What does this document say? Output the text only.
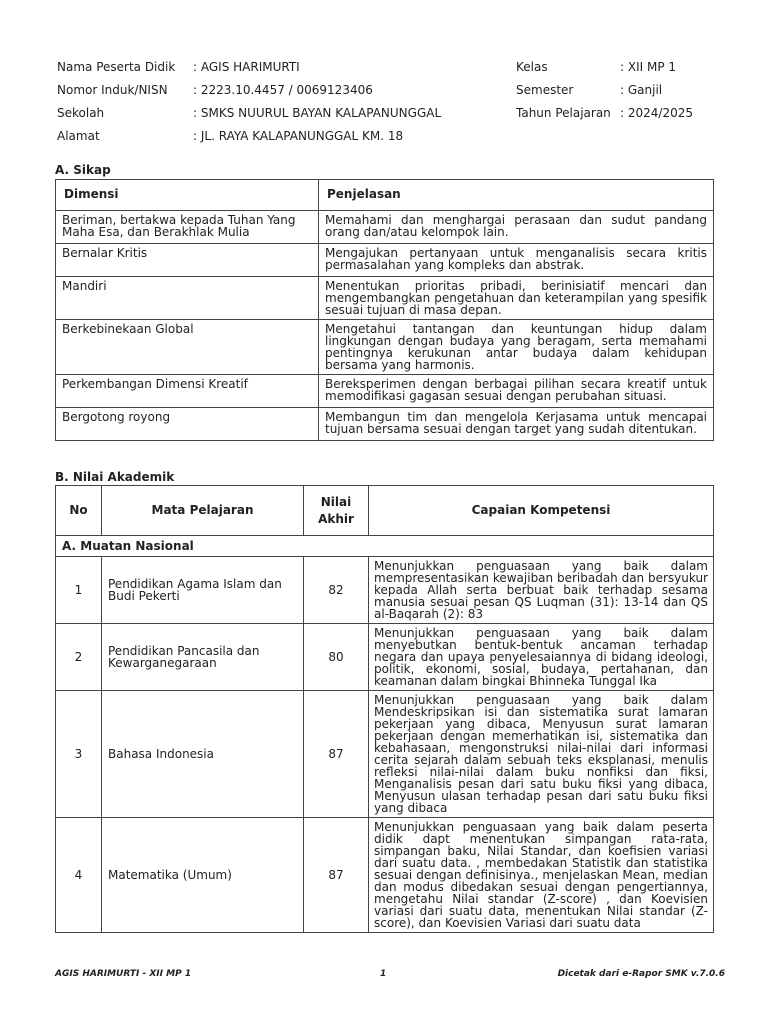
Nama Peserta Didik	: AGIS HARIMURTI
Nomor Induk/NISN	: 2223.10.4457 / 0069123406
Sekolah	: SMKS NUURUL BAYAN KALAPANUNGGAL
Alamat	: JL. RAYA KALAPANUNGGAL KM. 18
Kelas	: XII MP 1
Semester	: Ganjil
Tahun Pelajaran : 2024/2025
A. Sikap
Dimensi	Penjelasan
Beriman, bertakwa kepada Tuhan Yang Maha Esa, dan Berakhlak Mulia	Memahami dan menghargai perasaan dan sudut pandang orang dan/atau kelompok lain.
Bernalar Kritis	Mengajukan pertanyaan untuk menganalisis secara kritis permasalahan yang kompleks dan abstrak.
Mandiri	Menentukan prioritas pribadi, berinisiatif mencari dan mengembangkan pengetahuan dan keterampilan yang spesifik sesuai tujuan di masa depan.
Berkebinekaan Global	Mengetahui tantangan dan keuntungan hidup dalam lingkungan dengan budaya yang beragam, serta memahami pentingnya kerukunan antar budaya dalam kehidupan bersama yang harmonis.
Perkembangan Dimensi Kreatif	Bereksperimen dengan berbagai pilihan secara kreatif untuk memodifikasi gagasan sesuai dengan perubahan situasi.
Bergotong royong	Membangun tim dan mengelola Kerjasama untuk mencapai tujuan bersama sesuai dengan target yang sudah ditentukan.
B. Nilai Akademik
No	Mata Pelajaran	Nilai Akhir	Capaian Kompetensi
A. Muatan Nasional			
1	Pendidikan Agama Islam dan Budi Pekerti	82	Menunjukkan penguasaan yang baik dalam mempresentasikan kewajiban beribadah dan bersyukur kepada Allah serta berbuat baik terhadap sesama manusia sesuai pesan QS Luqman (31): 13-14 dan QS al-Baqarah (2): 83
2	Pendidikan Pancasila dan Kewarganegaraan	80	Menunjukkan penguasaan yang baik dalam menyebutkan bentuk-bentuk ancaman terhadap negara dan upaya penyelesaiannya di bidang ideologi, politik, ekonomi, sosial, budaya, pertahanan, dan keamanan dalam bingkai Bhinneka Tunggal Ika
3	Bahasa Indonesia	87	Menunjukkan penguasaan yang baik dalam Mendeskripsikan isi dan sistematika surat lamaran pekerjaan yang dibaca, Menyusun surat lamaran pekerjaan dengan memerhatikan isi, sistematika dan kebahasaan, mengonstruksi nilai-nilai dari informasi cerita sejarah dalam sebuah teks eksplanasi, menulis refleksi nilai-nilai dalam buku nonfiksi dan fiksi, Menganalisis pesan dari satu buku fiksi yang dibaca, Menyusun ulasan terhadap pesan dari satu buku fiksi yang dibaca
4	Matematika (Umum)	87	Menunjukkan penguasaan yang baik dalam peserta didik dapt menentukan simpangan rata-rata, simpangan baku, Nilai Standar, dan koefisien variasi dari suatu data. , membedakan Statistik dan statistika sesuai dengan definisinya., menjelaskan Mean, median dan modus dibedakan sesuai dengan pengertiannya, mengetahu Nilai standar (Z-score) , dan Koevisien variasi dari suatu data, menentukan Nilai standar (Z-score), dan Koevisien Variasi dari suatu data
AGIS HARIMURTI - XII MP 1	1	Dicetak dari e-Rapor SMK v.7.0.6
